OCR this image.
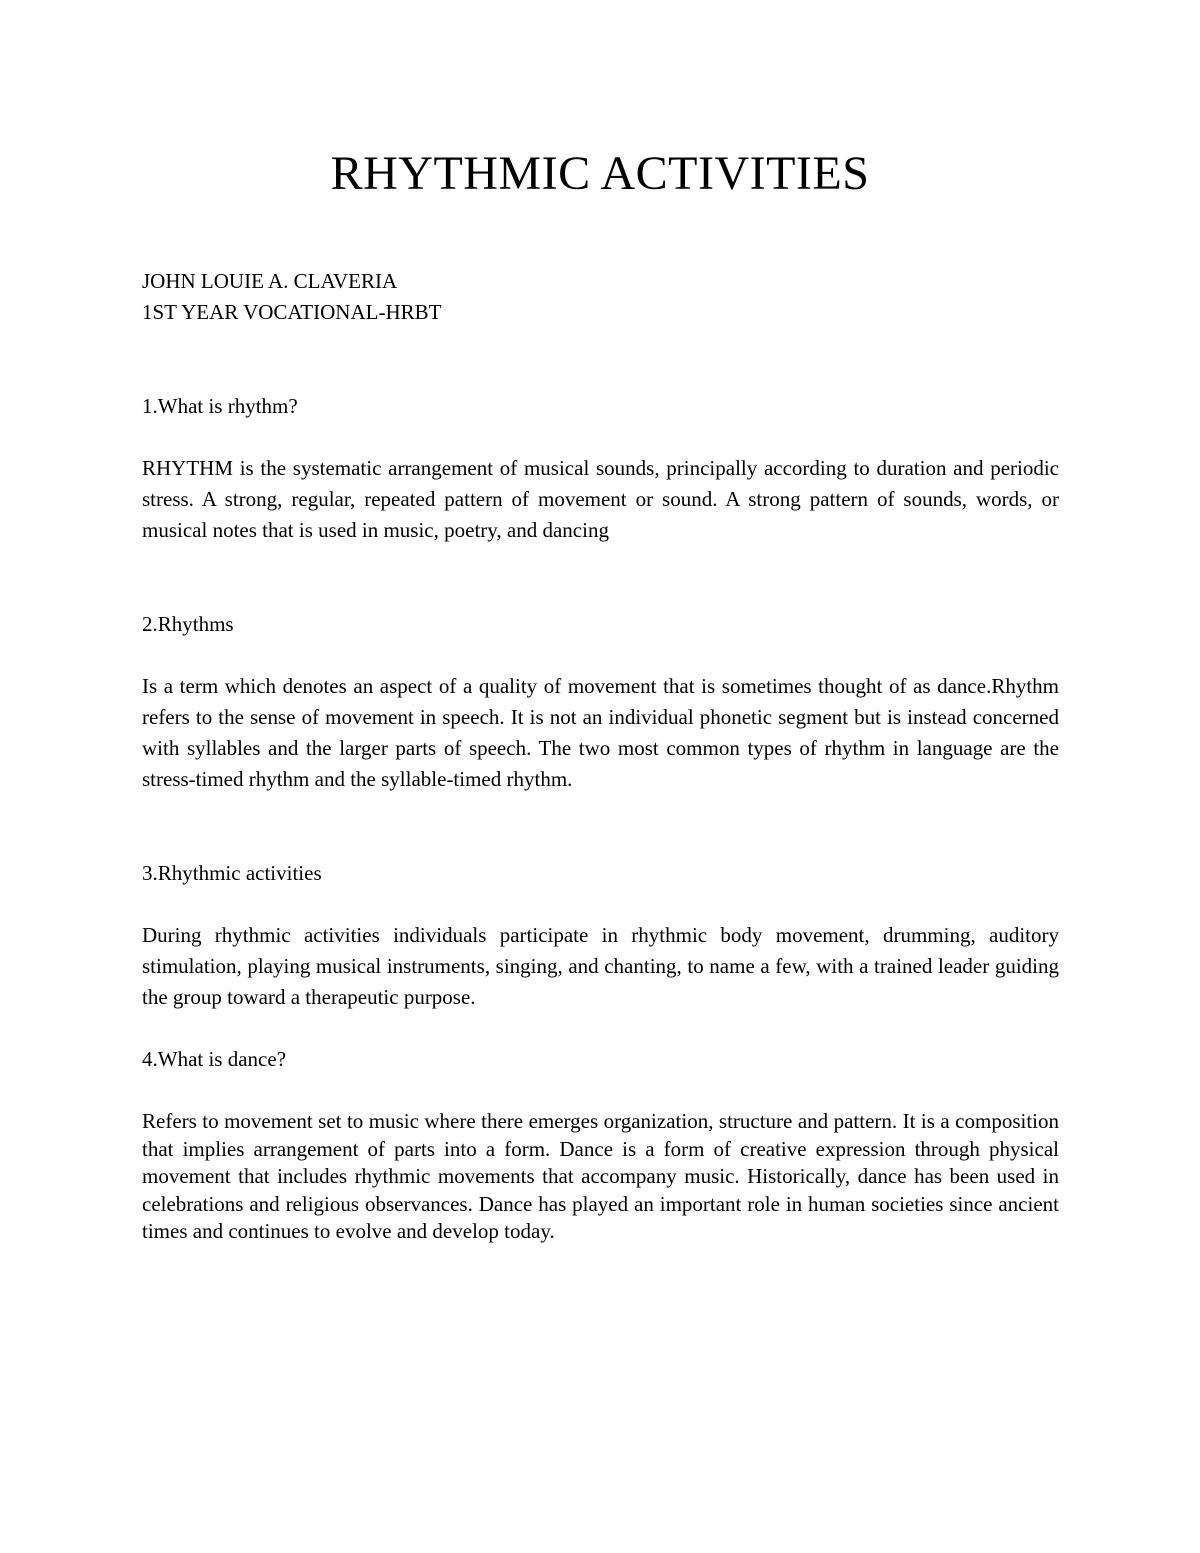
RHYTHMIC ACTIVITIES
JOHN LOUIE A. CLAVERIA
1ST YEAR VOCATIONAL-HRBT
1.What is rhythm?
RHYTHM is the systematic arrangement of musical sounds, principally according to duration and periodic stress. A strong, regular, repeated pattern of movement or sound. A strong pattern of sounds, words, or musical notes that is used in music, poetry, and dancing
2.Rhythms
Is a term which denotes an aspect of a quality of movement that is sometimes thought of as dance.Rhythm refers to the sense of movement in speech. It is not an individual phonetic segment but is instead concerned with syllables and the larger parts of speech. The two most common types of rhythm in language are the stress-timed rhythm and the syllable-timed rhythm.
3.Rhythmic activities
During rhythmic activities individuals participate in rhythmic body movement, drumming, auditory stimulation, playing musical instruments, singing, and chanting, to name a few, with a trained leader guiding the group toward a therapeutic purpose.
4.What is dance?
Refers to movement set to music where there emerges organization, structure and pattern. It is a composition that implies arrangement of parts into a form. Dance is a form of creative expression through physical movement that includes rhythmic movements that accompany music. Historically, dance has been used in celebrations and religious observances. Dance has played an important role in human societies since ancient times and continues to evolve and develop today.
